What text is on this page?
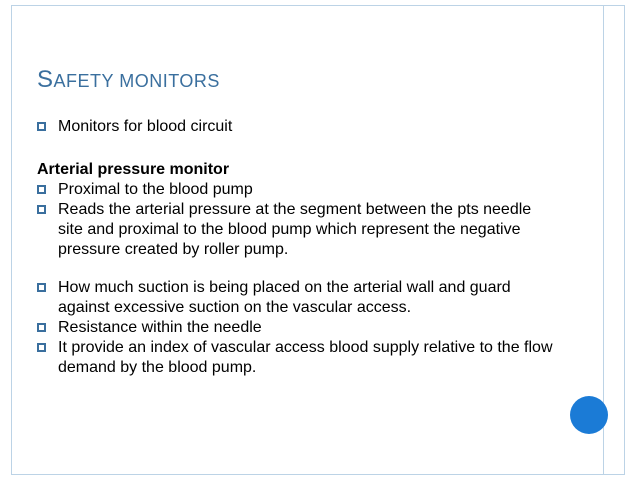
SAFETY MONITORS
Monitors for blood circuit
Arterial pressure monitor
Proximal to the blood pump
Reads the arterial pressure at the segment between the pts needle site and proximal to the blood pump which represent the negative pressure created by roller pump.
How much suction is being placed on the arterial wall and guard against excessive suction on the vascular access.
Resistance within the needle
It provide an index of vascular access blood supply relative to the flow demand by the blood pump.
